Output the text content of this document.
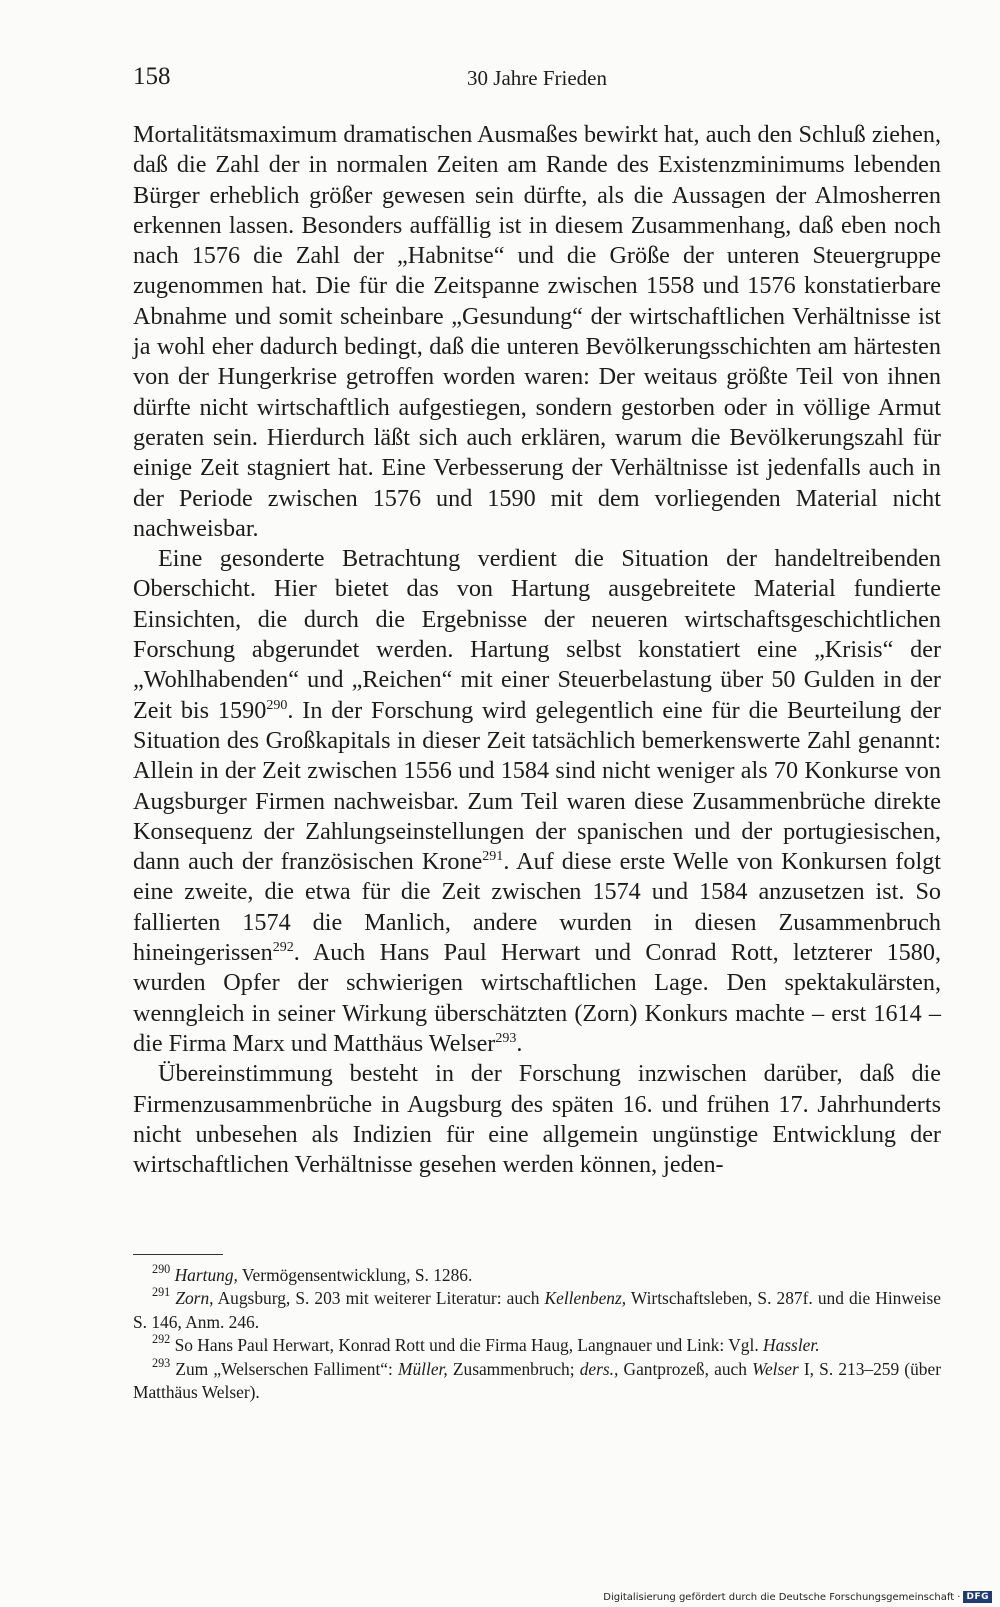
158	30 Jahre Frieden

Mortalitätsmaximum dramatischen Ausmaßes bewirkt hat, auch den Schluß ziehen, daß die Zahl der in normalen Zeiten am Rande des Existenzminimums lebenden Bürger erheblich größer gewesen sein dürfte, als die Aussagen der Almosherren erkennen lassen. Besonders auffällig ist in diesem Zusammenhang, daß eben noch nach 1576 die Zahl der „Habnitse“ und die Größe der unteren Steuergruppe zugenommen hat. Die für die Zeitspanne zwischen 1558 und 1576 konstatierbare Abnahme und somit scheinbare „Gesundung“ der wirtschaftlichen Verhältnisse ist ja wohl eher dadurch bedingt, daß die unteren Bevölkerungsschichten am härtesten von der Hungerkrise getroffen worden waren: Der weitaus größte Teil von ihnen dürfte nicht wirtschaftlich aufgestiegen, sondern gestorben oder in völlige Armut geraten sein. Hierdurch läßt sich auch erklären, warum die Bevölkerungszahl für einige Zeit stagniert hat. Eine Verbesserung der Verhältnisse ist jedenfalls auch in der Periode zwischen 1576 und 1590 mit dem vorliegenden Material nicht nachweisbar.

Eine gesonderte Betrachtung verdient die Situation der handeltreibenden Oberschicht. Hier bietet das von Hartung ausgebreitete Material fundierte Einsichten, die durch die Ergebnisse der neueren wirtschaftsgeschichtlichen Forschung abgerundet werden. Hartung selbst konstatiert eine „Krisis“ der „Wohlhabenden“ und „Reichen“ mit einer Steuerbelastung über 50 Gulden in der Zeit bis 1590$^{290}$. In der Forschung wird gelegentlich eine für die Beurteilung der Situation des Großkapitals in dieser Zeit tatsächlich bemerkenswerte Zahl genannt: Allein in der Zeit zwischen 1556 und 1584 sind nicht weniger als 70 Konkurse von Augsburger Firmen nachweisbar. Zum Teil waren diese Zusammenbrüche direkte Konsequenz der Zahlungseinstellungen der spanischen und der portugiesischen, dann auch der französischen Krone$^{291}$. Auf diese erste Welle von Konkursen folgt eine zweite, die etwa für die Zeit zwischen 1574 und 1584 anzusetzen ist. So fallierten 1574 die Manlich, andere wurden in diesen Zusammenbruch hineingerissen$^{292}$. Auch Hans Paul Herwart und Conrad Rott, letzterer 1580, wurden Opfer der schwierigen wirtschaftlichen Lage. Den spektakulärsten, wenngleich in seiner Wirkung überschätzten (Zorn) Konkurs machte – erst 1614 – die Firma Marx und Matthäus Welser$^{293}$.

Übereinstimmung besteht in der Forschung inzwischen darüber, daß die Firmenzusammenbrüche in Augsburg des späten 16. und frühen 17. Jahrhunderts nicht unbesehen als Indizien für eine allgemein ungünstige Entwicklung der wirtschaftlichen Verhältnisse gesehen werden können, jeden-

$^{290}$ Hartung, Vermögensentwicklung, S. 1286.

$^{291}$ Zorn, Augsburg, S. 203 mit weiterer Literatur: auch Kellenbenz, Wirtschaftsleben, S. 287f. und die Hinweise S. 146, Anm. 246.

$^{292}$ So Hans Paul Herwart, Konrad Rott und die Firma Haug, Langnauer und Link: Vgl. Hassler.

$^{293}$ Zum „Welserschen Falliment“: Müller, Zusammenbruch; ders., Gantprozeß, auch Welser I, S. 213–259 (über Matthäus Welser).

Digitalisierung gefördert durch die Deutsche Forschungsgemeinschaft · DFG
